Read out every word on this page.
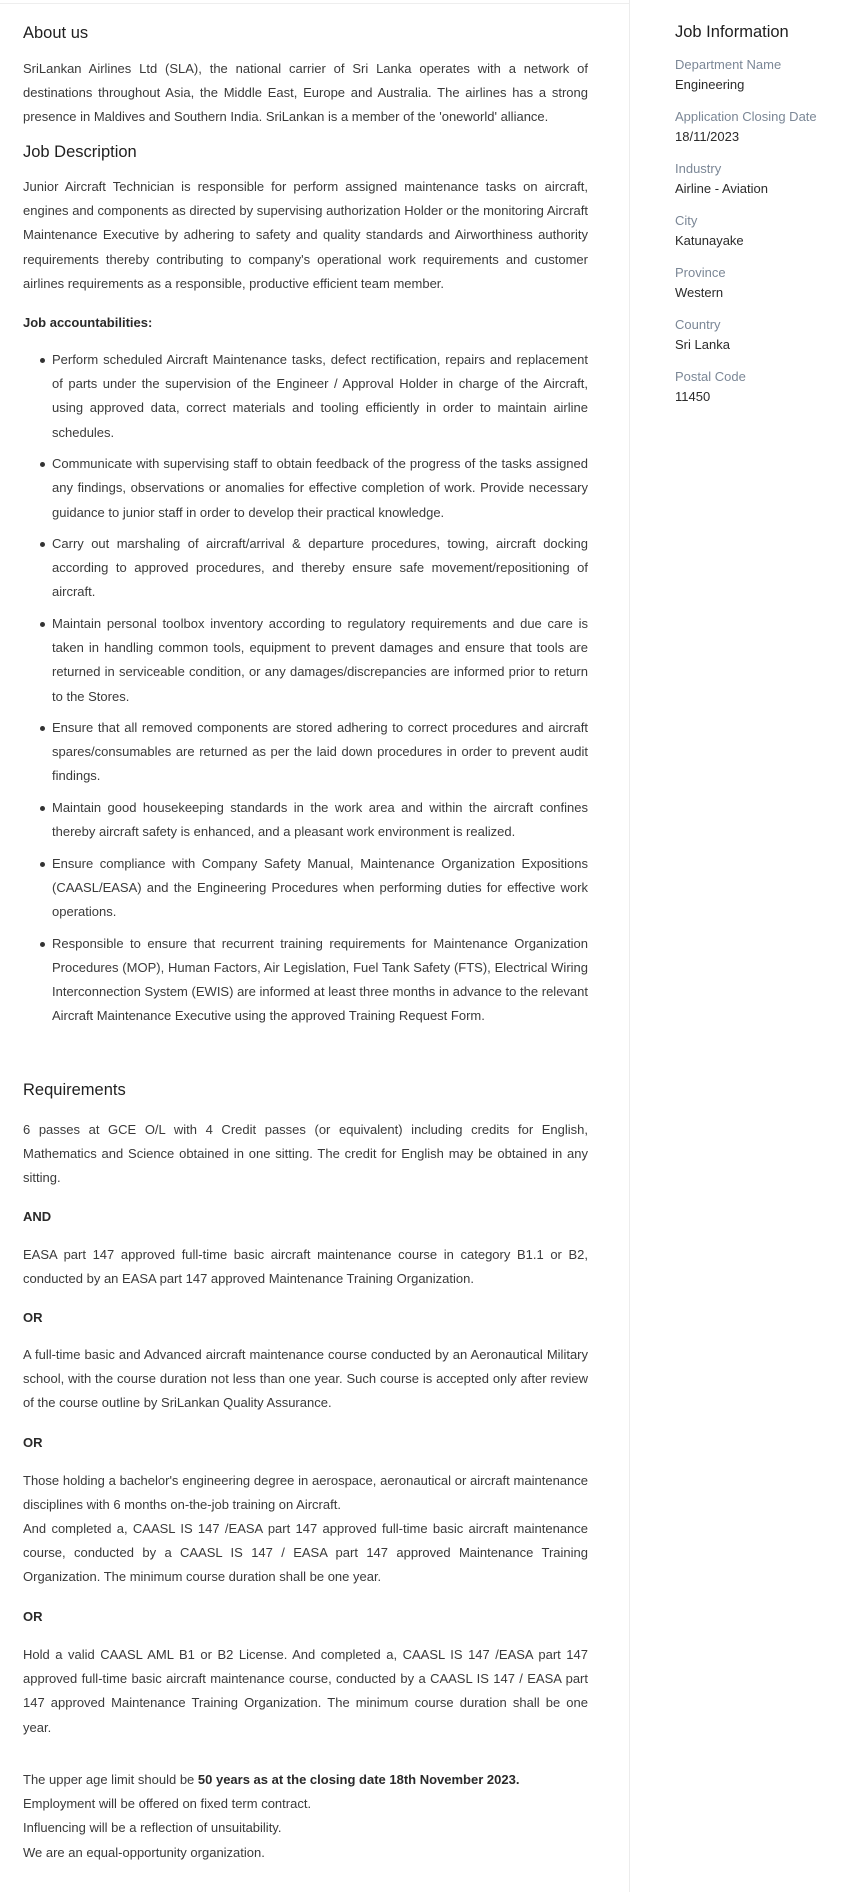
About us

SriLankan Airlines Ltd (SLA), the national carrier of Sri Lanka operates with a network of destinations throughout Asia, the Middle East, Europe and Australia. The airlines has a strong presence in Maldives and Southern India. SriLankan is a member of the 'oneworld' alliance.

Job Description

Junior Aircraft Technician is responsible for perform assigned maintenance tasks on aircraft, engines and components as directed by supervising authorization Holder or the monitoring Aircraft Maintenance Executive by adhering to safety and quality standards and Airworthiness authority requirements thereby contributing to company's operational work requirements and customer airlines requirements as a responsible, productive efficient team member.

Job accountabilities:
Perform scheduled Aircraft Maintenance tasks, defect rectification, repairs and replacement of parts under the supervision of the Engineer / Approval Holder in charge of the Aircraft, using approved data, correct materials and tooling efficiently in order to maintain airline schedules.
Communicate with supervising staff to obtain feedback of the progress of the tasks assigned any findings, observations or anomalies for effective completion of work. Provide necessary guidance to junior staff in order to develop their practical knowledge.
Carry out marshaling of aircraft/arrival & departure procedures, towing, aircraft docking according to approved procedures, and thereby ensure safe movement/repositioning of aircraft.
Maintain personal toolbox inventory according to regulatory requirements and due care is taken in handling common tools, equipment to prevent damages and ensure that tools are returned in serviceable condition, or any damages/discrepancies are informed prior to return to the Stores.
Ensure that all removed components are stored adhering to correct procedures and aircraft spares/consumables are returned as per the laid down procedures in order to prevent audit findings.
Maintain good housekeeping standards in the work area and within the aircraft confines thereby aircraft safety is enhanced, and a pleasant work environment is realized.
Ensure compliance with Company Safety Manual, Maintenance Organization Expositions (CAASL/EASA) and the Engineering Procedures when performing duties for effective work operations.
Responsible to ensure that recurrent training requirements for Maintenance Organization Procedures (MOP), Human Factors, Air Legislation, Fuel Tank Safety (FTS), Electrical Wiring Interconnection System (EWIS) are informed at least three months in advance to the relevant Aircraft Maintenance Executive using the approved Training Request Form.
Requirements

6 passes at GCE O/L with 4 Credit passes (or equivalent) including credits for English, Mathematics and Science obtained in one sitting. The credit for English may be obtained in any sitting.

AND

EASA part 147 approved full-time basic aircraft maintenance course in category B1.1 or B2, conducted by an EASA part 147 approved Maintenance Training Organization.

OR

A full-time basic and Advanced aircraft maintenance course conducted by an Aeronautical Military school, with the course duration not less than one year. Such course is accepted only after review of the course outline by SriLankan Quality Assurance.

OR

Those holding a bachelor's engineering degree in aerospace, aeronautical or aircraft maintenance disciplines with 6 months on-the-job training on Aircraft.

And completed a, CAASL IS 147 /EASA part 147 approved full-time basic aircraft maintenance course, conducted by a CAASL IS 147 / EASA part 147 approved Maintenance Training Organization. The minimum course duration shall be one year.

OR

Hold a valid CAASL AML B1 or B2 License. And completed a, CAASL IS 147 /EASA part 147 approved full-time basic aircraft maintenance course, conducted by a CAASL IS 147 / EASA part 147 approved Maintenance Training Organization. The minimum course duration shall be one year.

The upper age limit should be 50 years as at the closing date 18th November 2023.
Employment will be offered on fixed term contract.
Influencing will be a reflection of unsuitability.
We are an equal-opportunity organization.
Job Information
Department Name
Engineering
Application Closing Date
18/11/2023
Industry
Airline - Aviation
City
Katunayake
Province
Western
Country
Sri Lanka
Postal Code
11450
